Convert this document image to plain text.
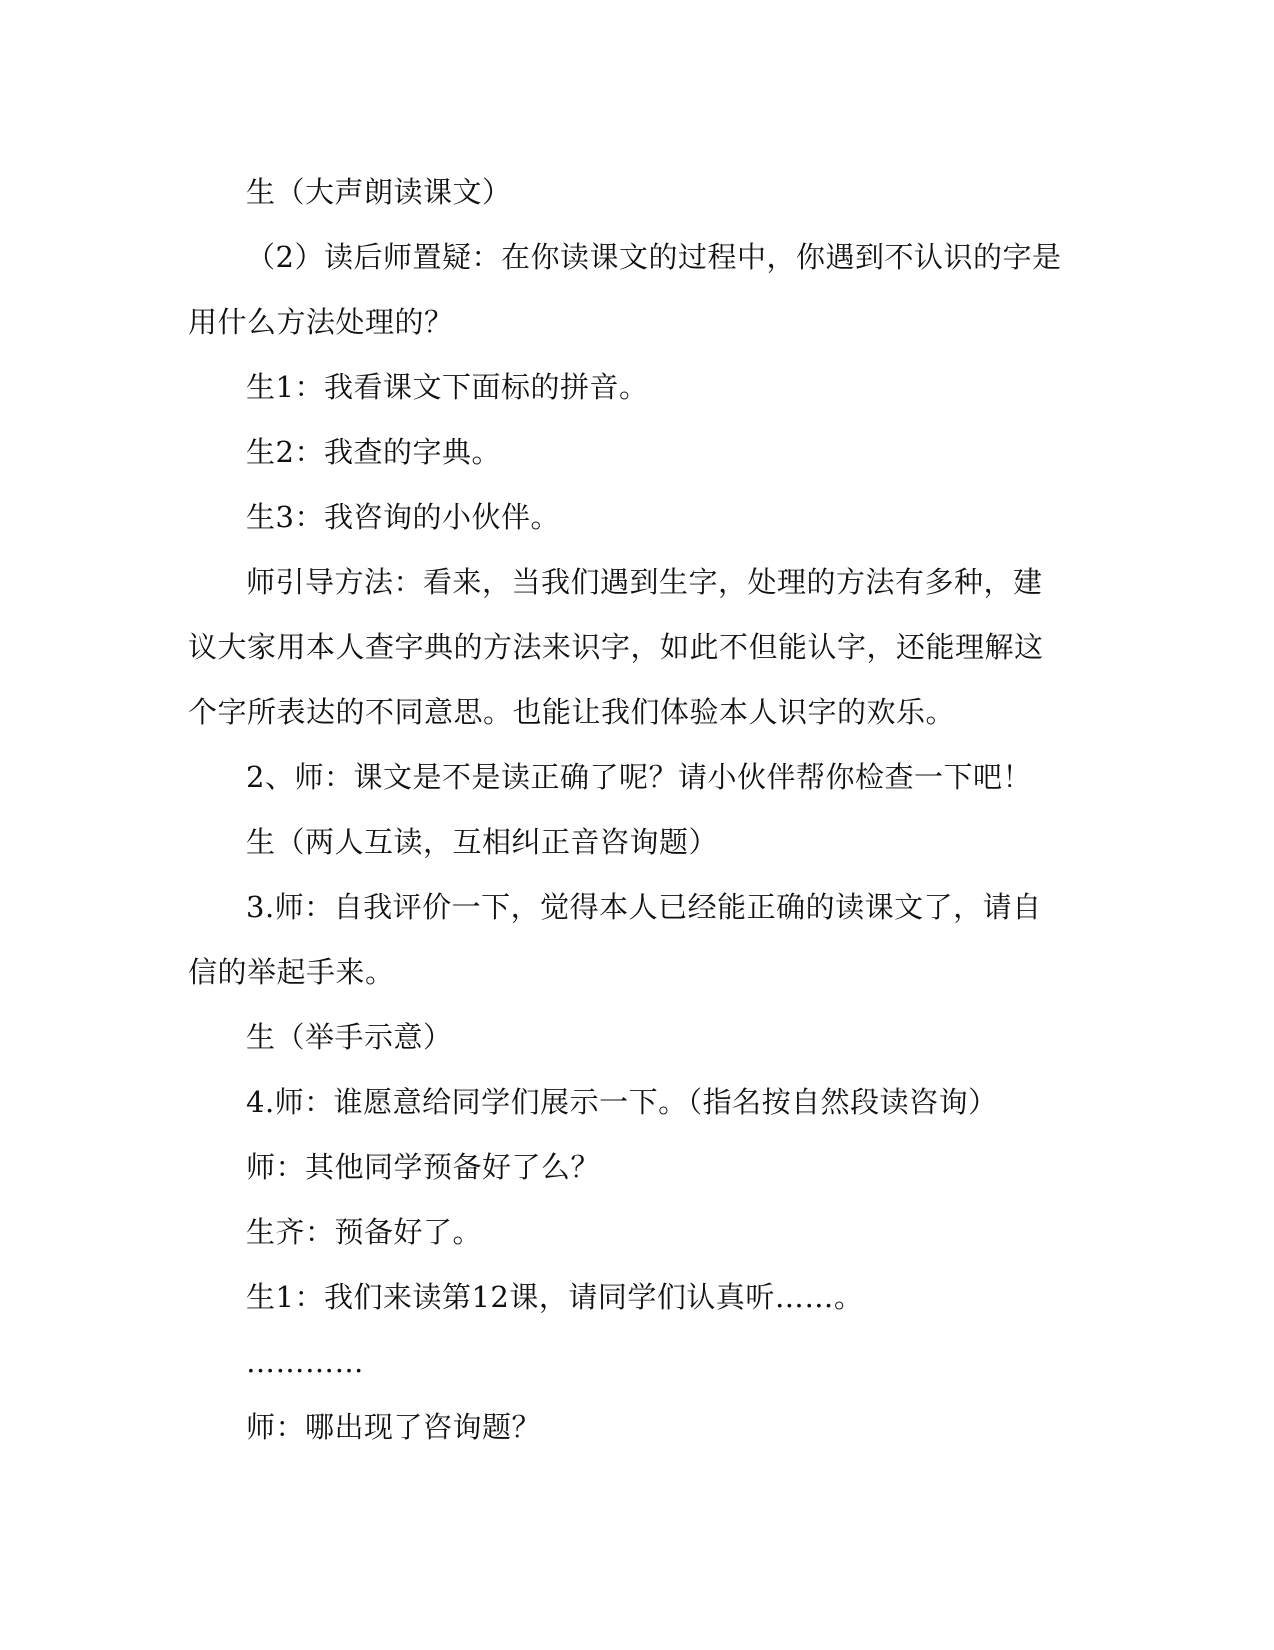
生（大声朗读课文）

（2）读后师置疑：在你读课文的过程中，你遇到不认识的字是用什么方法处理的？

生1：我看课文下面标的拼音。

生2：我查的字典。

生3：我咨询的小伙伴。

师引导方法：看来，当我们遇到生字，处理的方法有多种，建议大家用本人查字典的方法来识字，如此不但能认字，还能理解这个字所表达的不同意思。也能让我们体验本人识字的欢乐。

2、师：课文是不是读正确了呢？请小伙伴帮你检查一下吧！

生（两人互读，互相纠正音咨询题）

3.师：自我评价一下，觉得本人已经能正确的读课文了，请自信的举起手来。

生（举手示意）

4.师：谁愿意给同学们展示一下。（指名按自然段读咨询）

师：其他同学预备好了么？

生齐：预备好了。

生1：我们来读第12课，请同学们认真听……。

…………

师：哪出现了咨询题？
